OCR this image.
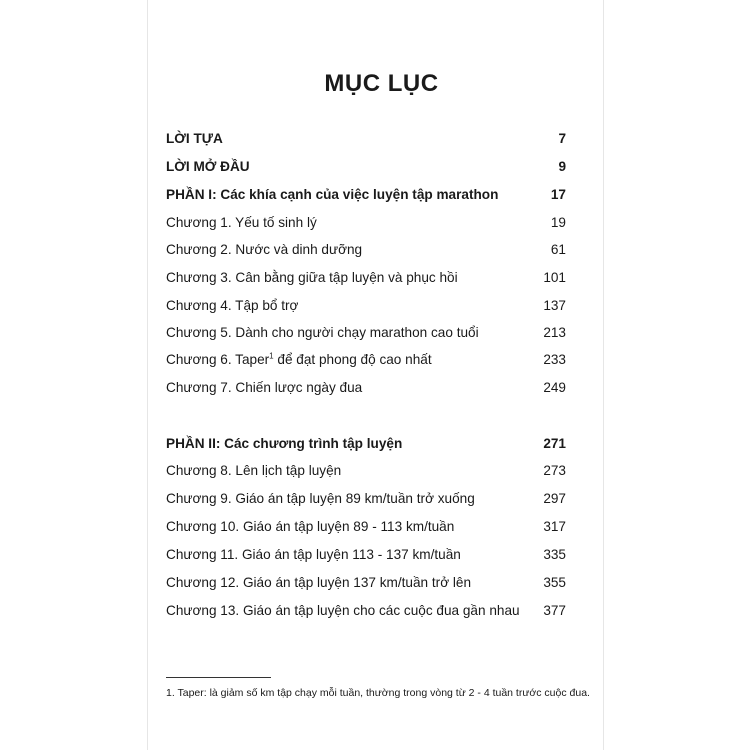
MỤC LỤC
LỜI TỰA	7
LỜI MỞ ĐẦU	9
PHẦN I: Các khía cạnh của việc luyện tập marathon	17
Chương 1. Yếu tố sinh lý	19
Chương 2. Nước và dinh dưỡng	61
Chương 3. Cân bằng giữa tập luyện và phục hồi	101
Chương 4. Tập bổ trợ	137
Chương 5. Dành cho người chạy marathon cao tuổi	213
Chương 6. Taper$^1$ để đạt phong độ cao nhất	233
Chương 7. Chiến lược ngày đua	249
PHẦN II: Các chương trình tập luyện	271
Chương 8. Lên lịch tập luyện	273
Chương 9. Giáo án tập luyện 89 km/tuần trở xuống	297
Chương 10. Giáo án tập luyện 89 - 113 km/tuần	317
Chương 11. Giáo án tập luyện 113 - 137 km/tuần	335
Chương 12. Giáo án tập luyện 137 km/tuần trở lên	355
Chương 13. Giáo án tập luyện cho các cuộc đua gần nhau	377
1. Taper: là giảm số km tập chạy mỗi tuần, thường trong vòng từ 2 - 4 tuần trước cuộc đua.
